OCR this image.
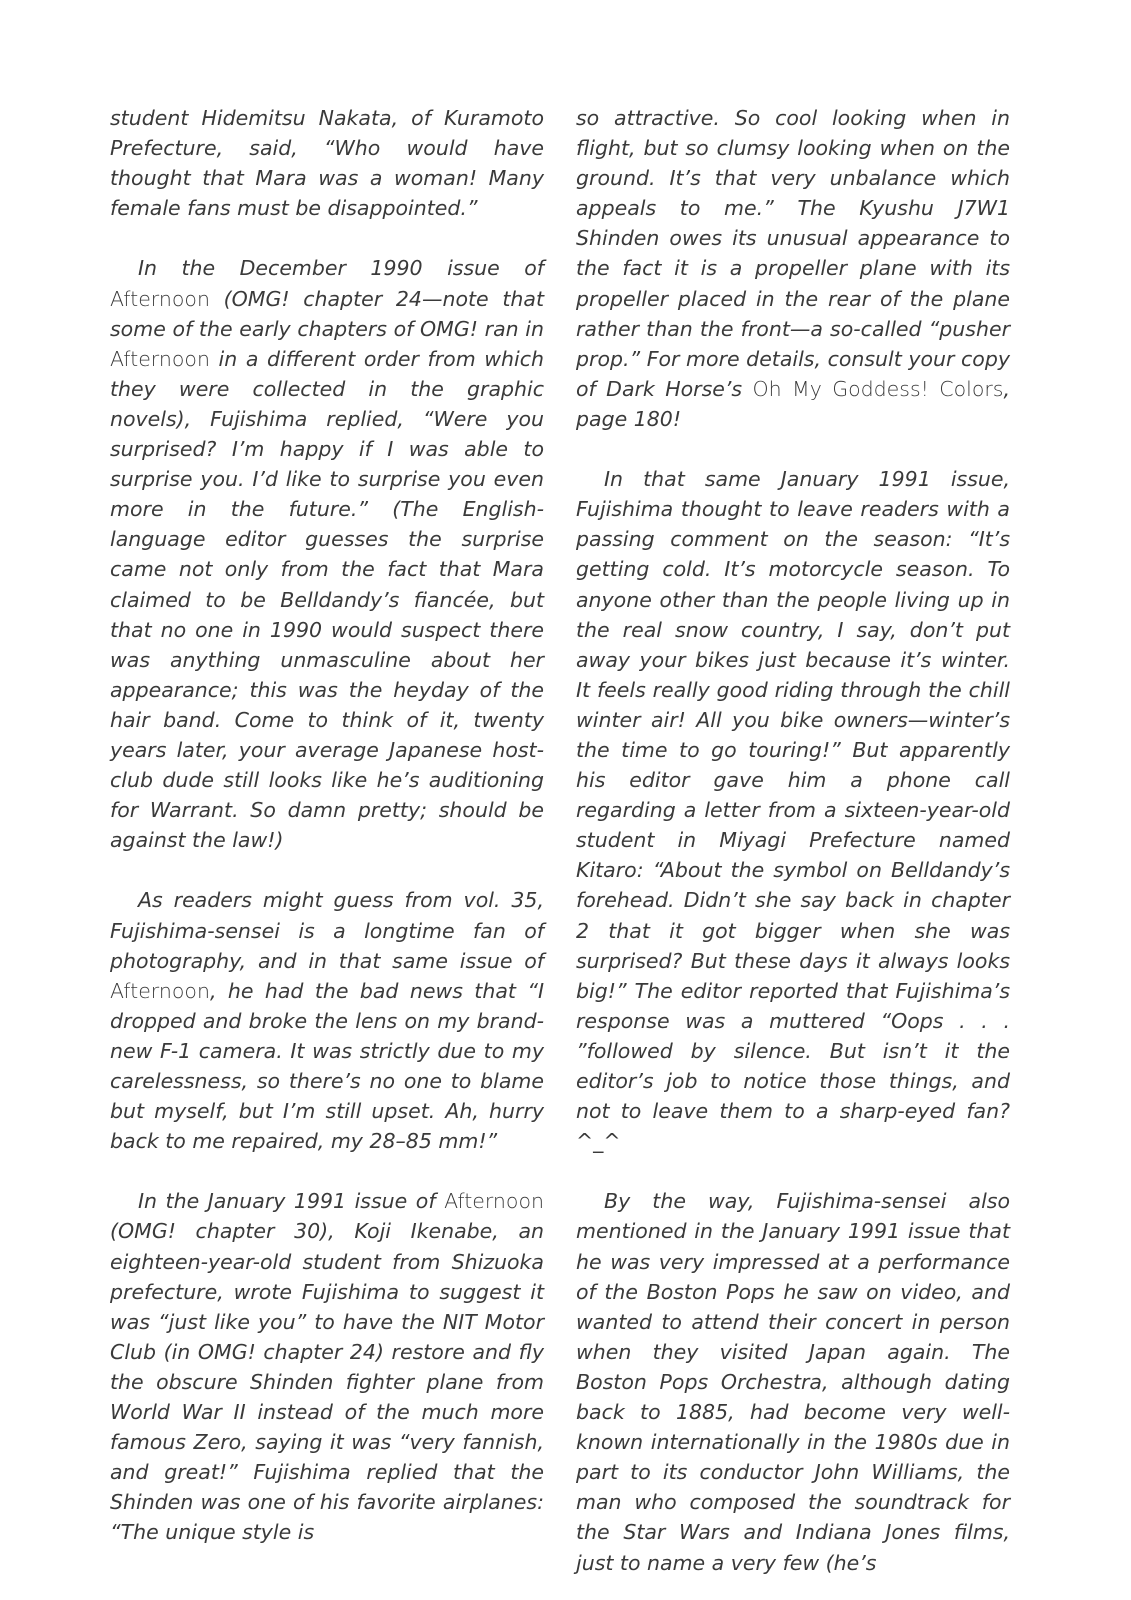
student Hidemitsu Nakata, of Kuramoto Prefecture, said, “Who would have thought that Mara was a woman! Many female fans must be disappointed.”

In the December 1990 issue of Afternoon (OMG! chapter 24—note that some of the early chapters of OMG! ran in Afternoon in a different order from which they were collected in the graphic novels), Fujishima replied, “Were you surprised? I’m happy if I was able to surprise you. I’d like to surprise you even more in the future.” (The English-language editor guesses the surprise came not only from the fact that Mara claimed to be Belldandy’s fiancée, but that no one in 1990 would suspect there was anything unmasculine about her appearance; this was the heyday of the hair band. Come to think of it, twenty years later, your average Japanese host-club dude still looks like he’s auditioning for Warrant. So damn pretty; should be against the law!)

As readers might guess from vol. 35, Fujishima-sensei is a longtime fan of photography, and in that same issue of Afternoon, he had the bad news that “I dropped and broke the lens on my brand-new F-1 camera. It was strictly due to my carelessness, so there’s no one to blame but myself, but I’m still upset. Ah, hurry back to me repaired, my 28–85 mm!”

In the January 1991 issue of Afternoon (OMG! chapter 30), Koji Ikenabe, an eighteen-year-old student from Shizuoka prefecture, wrote Fujishima to suggest it was “just like you” to have the NIT Motor Club (in OMG! chapter 24) restore and fly the obscure Shinden fighter plane from World War II instead of the much more famous Zero, saying it was “very fannish, and great!” Fujishima replied that the Shinden was one of his favorite airplanes: “The unique style is

so attractive. So cool looking when in flight, but so clumsy looking when on the ground. It’s that very unbalance which appeals to me.” The Kyushu J7W1 Shinden owes its unusual appearance to the fact it is a propeller plane with its propeller placed in the rear of the plane rather than the front—a so-called “pusher prop.” For more details, consult your copy of Dark Horse’s Oh My Goddess! Colors, page 180!

In that same January 1991 issue, Fujishima thought to leave readers with a passing comment on the season: “It’s getting cold. It’s motorcycle season. To anyone other than the people living up in the real snow country, I say, don’t put away your bikes just because it’s winter. It feels really good riding through the chill winter air! All you bike owners—winter’s the time to go touring!” But apparently his editor gave him a phone call regarding a letter from a sixteen-year-old student in Miyagi Prefecture named Kitaro: “About the symbol on Belldandy’s forehead. Didn’t she say back in chapter 2 that it got bigger when she was surprised? But these days it always looks big!” The editor reported that Fujishima’s response was a muttered “Oops . . . ”followed by silence. But isn’t it the editor’s job to notice those things, and not to leave them to a sharp-eyed fan? ^_^

By the way, Fujishima-sensei also mentioned in the January 1991 issue that he was very impressed at a performance of the Boston Pops he saw on video, and wanted to attend their concert in person when they visited Japan again. The Boston Pops Orchestra, although dating back to 1885, had become very well-known internationally in the 1980s due in part to its conductor John Williams, the man who composed the soundtrack for the Star Wars and Indiana Jones films, just to name a very few (he’s
